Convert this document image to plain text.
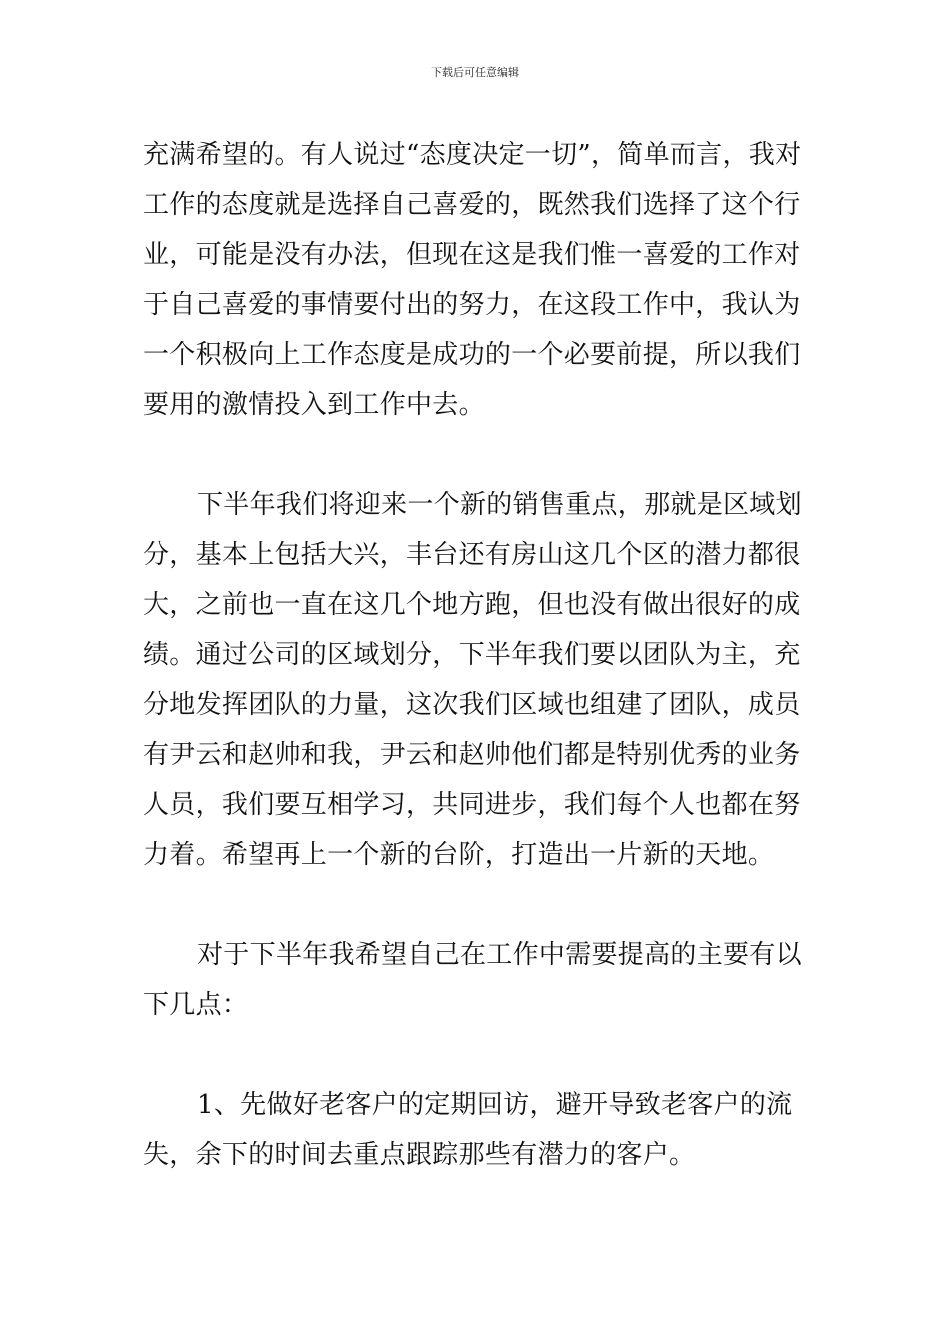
下载后可任意编辑

充满希望的。有人说过“态度决定一切”，简单而言，我对工作的态度就是选择自己喜爱的，既然我们选择了这个行业，可能是没有办法，但现在这是我们惟一喜爱的工作对于自己喜爱的事情要付出的努力，在这段工作中，我认为一个积极向上工作态度是成功的一个必要前提，所以我们要用的激情投入到工作中去。

下半年我们将迎来一个新的销售重点，那就是区域划分，基本上包括大兴，丰台还有房山这几个区的潜力都很大，之前也一直在这几个地方跑，但也没有做出很好的成绩。通过公司的区域划分，下半年我们要以团队为主，充分地发挥团队的力量，这次我们区域也组建了团队，成员有尹云和赵帅和我，尹云和赵帅他们都是特别优秀的业务人员，我们要互相学习，共同进步，我们每个人也都在努力着。希望再上一个新的台阶，打造出一片新的天地。

对于下半年我希望自己在工作中需要提高的主要有以下几点：

1、先做好老客户的定期回访，避开导致老客户的流失，余下的时间去重点跟踪那些有潜力的客户。
